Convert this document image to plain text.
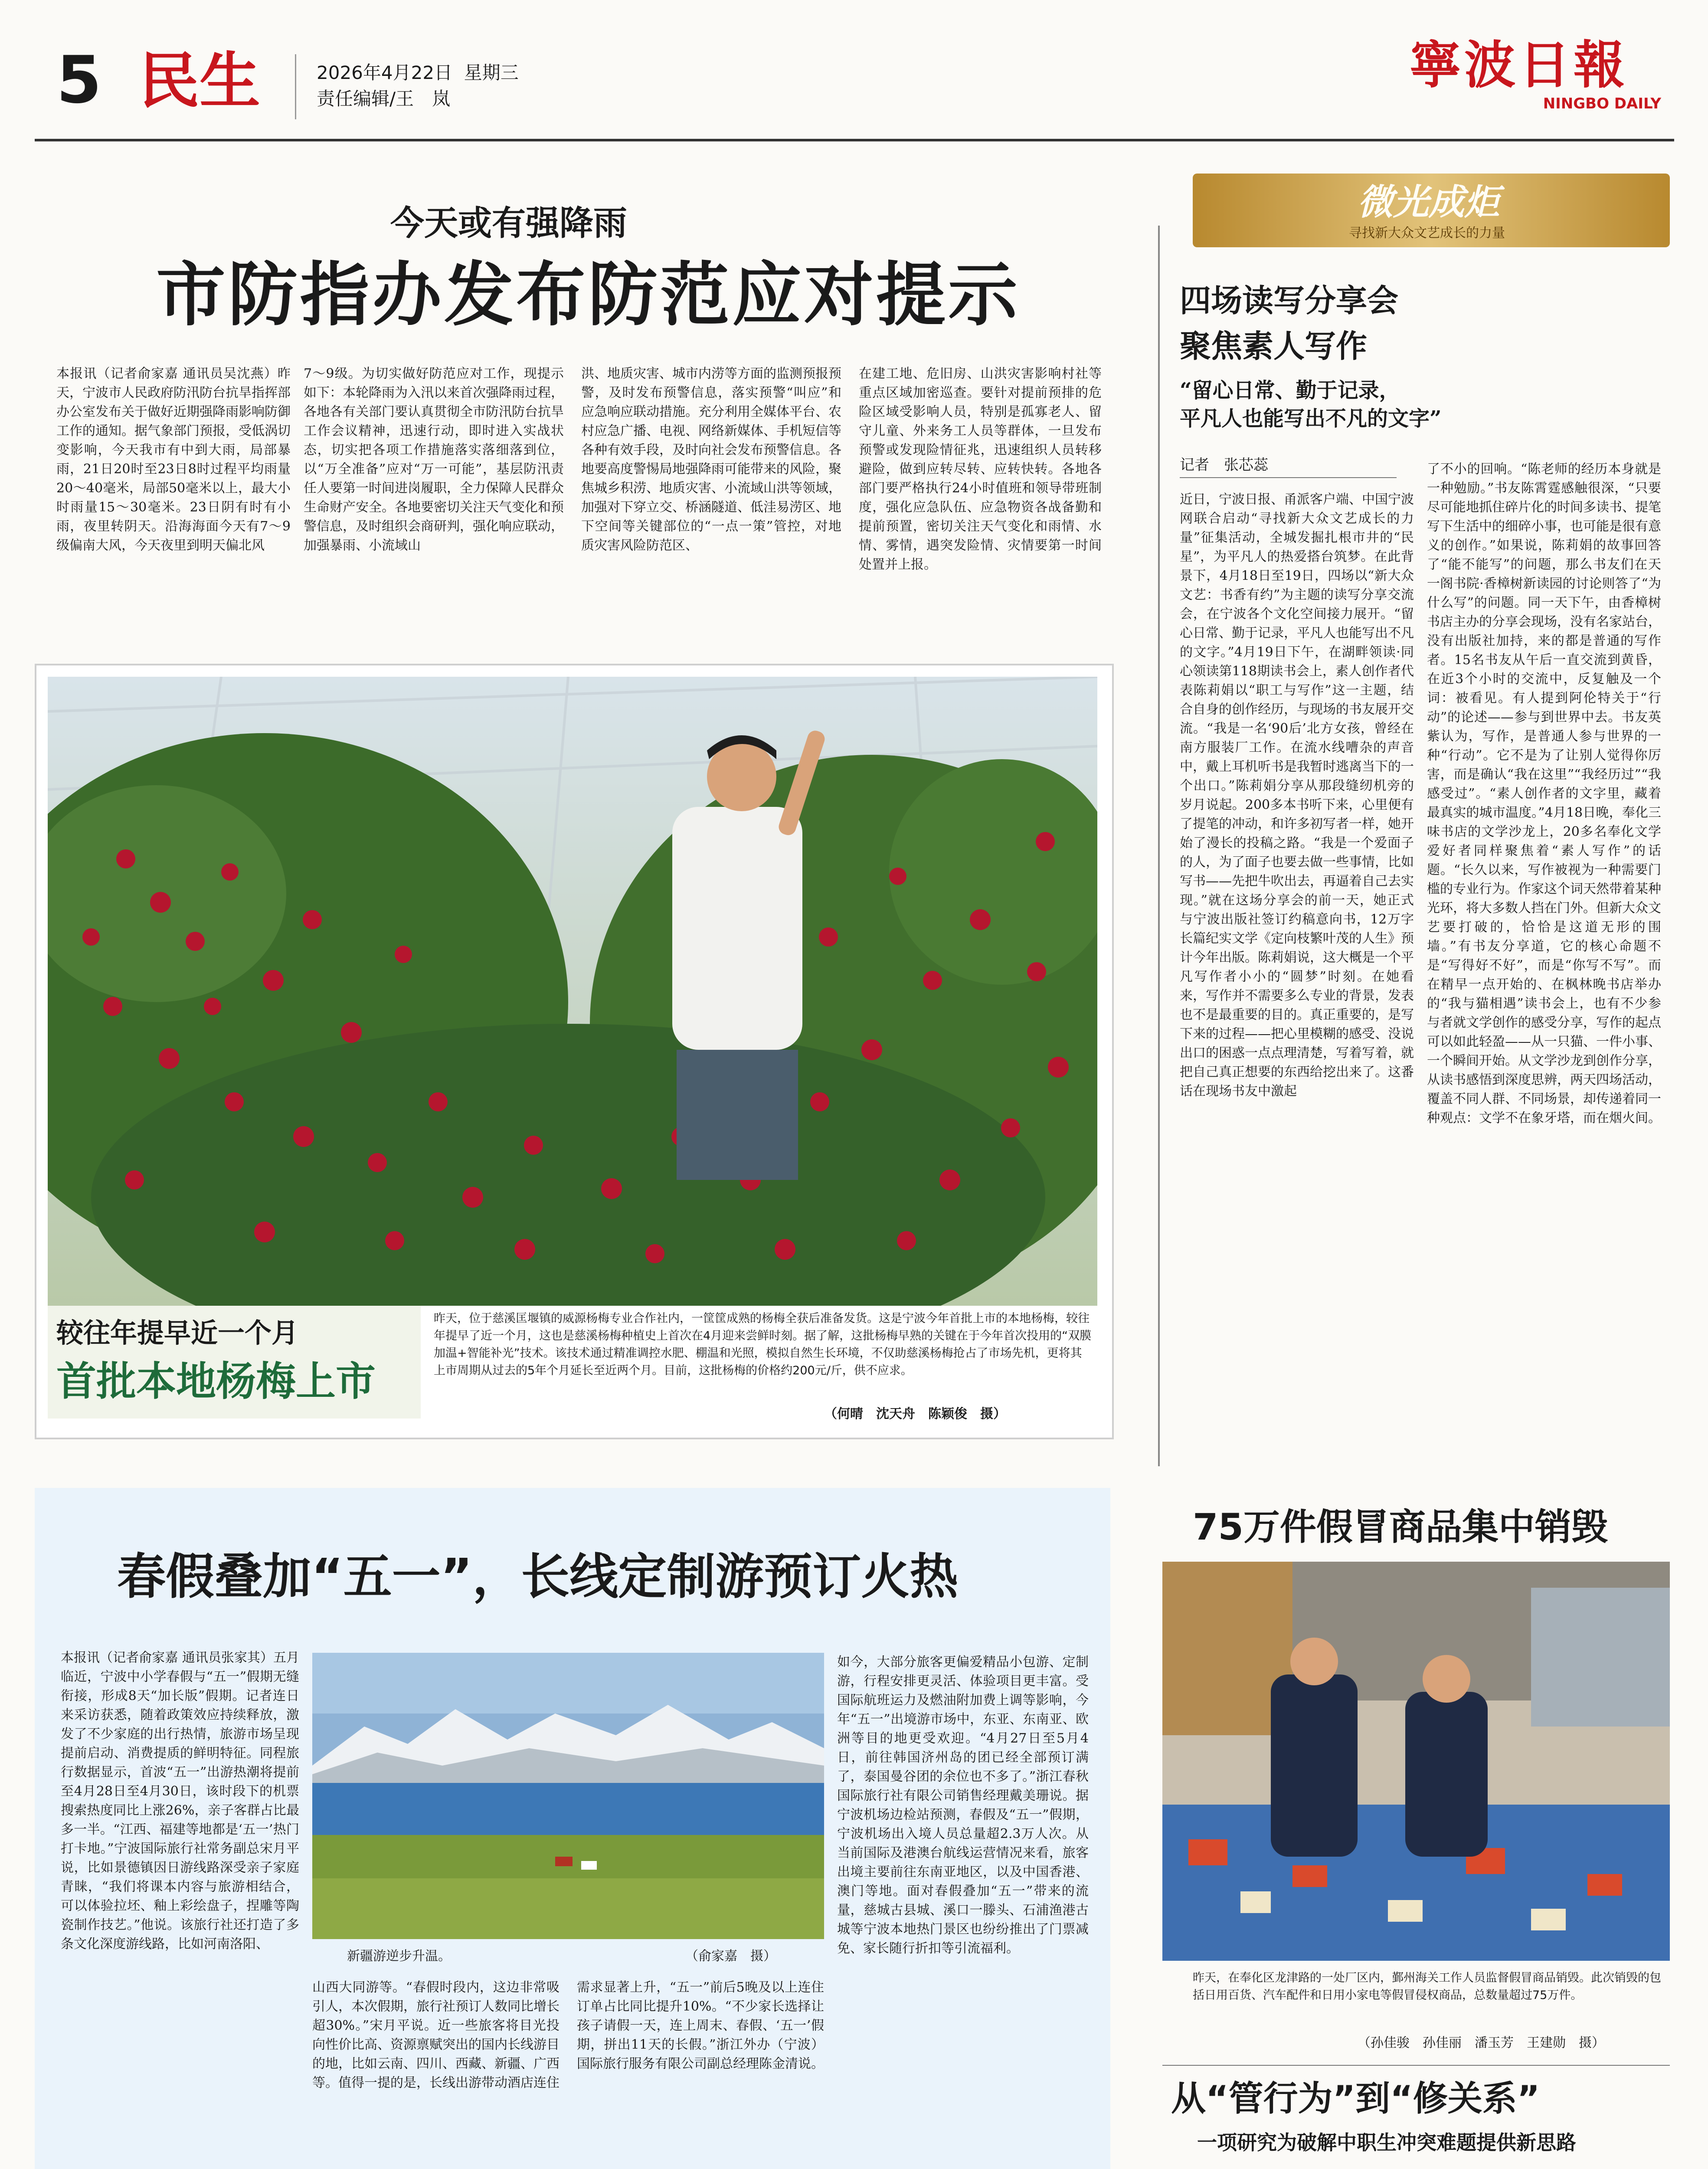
5 民生	2026年4月22日 星期三
责任编辑/王　岚
寧波日報
NINGBO DAILY
今天或有强降雨
市防指办发布防范应对提示
本报讯（记者俞家嘉 通讯员吴沈燕）昨天，宁波市人民政府防汛防台抗旱指挥部办公室发布关于做好近期强降雨影响防御工作的通知。据气象部门预报，受低涡切变影响，今天我市有中到大雨，局部暴雨，21日20时至23日8时过程平均雨量20～40毫米，局部50毫米以上，最大小时雨量15～30毫米。23日阴有时有小雨，夜里转阴天。沿海海面今天有7～9级偏南大风，今天夜里到明天偏北风
7～9级。为切实做好防范应对工作，现提示如下：本轮降雨为入汛以来首次强降雨过程，各地各有关部门要认真贯彻全市防汛防台抗旱工作会议精神，迅速行动，即时进入实战状态，切实把各项工作措施落实落细落到位，以“万全准备”应对“万一可能”，基层防汛责任人要第一时间进岗履职，全力保障人民群众生命财产安全。各地要密切关注天气变化和预警信息，及时组织会商研判，强化响应联动，加强暴雨、小流域山
洪、地质灾害、城市内涝等方面的监测预报预警，及时发布预警信息，落实预警“叫应”和应急响应联动措施。充分利用全媒体平台、农村应急广播、电视、网络新媒体、手机短信等各种有效手段，及时向社会发布预警信息。各地要高度警惕局地强降雨可能带来的风险，聚焦城乡积涝、地质灾害、小流域山洪等领域，加强对下穿立交、桥涵隧道、低洼易涝区、地下空间等关键部位的“一点一策”管控，对地质灾害风险防范区、
在建工地、危旧房、山洪灾害影响村社等重点区域加密巡查。要针对提前预排的危险区域受影响人员，特别是孤寡老人、留守儿童、外来务工人员等群体，一旦发布预警或发现险情征兆，迅速组织人员转移避险，做到应转尽转、应转快转。各地各部门要严格执行24小时值班和领导带班制度，强化应急队伍、应急物资各战备勤和提前预置，密切关注天气变化和雨情、水情、雾情，遇突发险情、灾情要第一时间处置并上报。
较往年提早近一个月
首批本地杨梅上市
昨天，位于慈溪匡堰镇的威源杨梅专业合作社内，一筐筐成熟的杨梅全获后准备发货。这是宁波今年首批上市的本地杨梅，较往年提早了近一个月，这也是慈溪杨梅种植史上首次在4月迎来尝鲜时刻。据了解，这批杨梅早熟的关键在于今年首次投用的“双膜加温+智能补光”技术。该技术通过精准调控水肥、棚温和光照，模拟自然生长环境，不仅助慈溪杨梅抢占了市场先机，更将其上市周期从过去的5年个月延长至近两个月。目前，这批杨梅的价格约200元/斤，供不应求。
（何晴　沈天舟　陈颖俊　摄）
微光成炬
寻找新大众文艺成长的力量
四场读写分享会
聚焦素人写作
“留心日常、勤于记录，
平凡人也能写出不凡的文字”
记者　张芯蕊
近日，宁波日报、甬派客户端、中国宁波网联合启动“寻找新大众文艺成长的力量”征集活动，全城发掘扎根市井的“民星”，为平凡人的热爱搭台筑梦。在此背景下，4月18日至19日，四场以“新大众文艺：书香有约”为主题的读写分享交流会，在宁波各个文化空间接力展开。“留心日常、勤于记录，平凡人也能写出不凡的文字。”4月19日下午，在湖畔领读·同心领读第118期读书会上，素人创作者代表陈莉娟以“职工与写作”这一主题，结合自身的创作经历，与现场的书友展开交流。“我是一名‘90后’北方女孩，曾经在南方服装厂工作。在流水线嘈杂的声音中，戴上耳机听书是我暂时逃离当下的一个出口。”陈莉娟分享从那段缝纫机旁的岁月说起。200多本书听下来，心里便有了提笔的冲动，和许多初写者一样，她开始了漫长的投稿之路。“我是一个爱面子的人，为了面子也要去做一些事情，比如写书——先把牛吹出去，再逼着自己去实现。”就在这场分享会的前一天，她正式与宁波出版社签订约稿意向书，12万字长篇纪实文学《定向枝繁叶茂的人生》预计今年出版。陈莉娟说，这大概是一个平凡写作者小小的“圆梦”时刻。在她看来，写作并不需要多么专业的背景，发表也不是最重要的目的。真正重要的，是写下来的过程——把心里模糊的感受、没说出口的困惑一点点理清楚，写着写着，就把自己真正想要的东西给挖出来了。这番话在现场书友中激起
了不小的回响。“陈老师的经历本身就是一种勉励。”书友陈霄霆感触很深，“只要尽可能地抓住碎片化的时间多读书、提笔写下生活中的细碎小事，也可能是很有意义的创作。”如果说，陈莉娟的故事回答了“能不能写”的问题，那么书友们在天一阁书院·香樟树新读园的讨论则答了“为什么写”的问题。同一天下午，由香樟树书店主办的分享会现场，没有名家站台，没有出版社加持，来的都是普通的写作者。15名书友从午后一直交流到黄昏，在近3个小时的交流中，反复触及一个词：被看见。有人提到阿伦特关于“行动”的论述——参与到世界中去。书友英紫认为，写作，是普通人参与世界的一种“行动”。它不是为了让别人觉得你厉害，而是确认“我在这里”“我经历过”“我感受过”。“素人创作者的文字里，藏着最真实的城市温度。”4月18日晚，奉化三味书店的文学沙龙上，20多名奉化文学爱好者同样聚焦着“素人写作”的话题。“长久以来，写作被视为一种需要门槛的专业行为。作家这个词天然带着某种光环，将大多数人挡在门外。但新大众文艺要打破的，恰恰是这道无形的围墙。”有书友分享道，它的核心命题不是“写得好不好”，而是“你写不写”。而在精早一点开始的、在枫林晚书店举办的“我与猫相遇”读书会上，也有不少参与者就文学创作的感受分享，写作的起点可以如此轻盈——从一只猫、一件小事、一个瞬间开始。从文学沙龙到创作分享，从读书感悟到深度思辨，两天四场活动，覆盖不同人群、不同场景，却传递着同一种观点：文学不在象牙塔，而在烟火间。
春假叠加“五一”，长线定制游预订火热
本报讯（记者俞家嘉 通讯员张家其）五月临近，宁波中小学春假与“五一”假期无缝衔接，形成8天“加长版”假期。记者连日来采访获悉，随着政策效应持续释放，激发了不少家庭的出行热情，旅游市场呈现提前启动、消费提质的鲜明特征。同程旅行数据显示，首波“五一”出游热潮将提前至4月28日至4月30日，该时段下的机票搜索热度同比上涨26%，亲子客群占比最多一半。“江西、福建等地都是‘五一’热门打卡地。”宁波国际旅行社常务副总宋月平说，比如景德镇因日游线路深受亲子家庭青睐，“我们将课本内容与旅游相结合，可以体验拉坯、釉上彩绘盘子，捏雕等陶瓷制作技艺。”他说。该旅行社还打造了多条文化深度游线路，比如河南洛阳、
新疆游逆步升温。	（俞家嘉　摄）
山西大同游等。“春假时段内，这边非常吸引人，本次假期，旅行社预订人数同比增长超30%。”宋月平说。近一些旅客将目光投向性价比高、资源禀赋突出的国内长线游目的地，比如云南、四川、西藏、新疆、广西等。值得一提的是，长线出游带动酒店连住需求显著上升，“五一”前后5晚及以上连住订单占比同比提升10%。“不少家长选择让孩子请假一天，连上周末、春假、‘五一’假期，拼出11天的长假。”浙江外办（宁波）国际旅行服务有限公司副总经理陈金清说。
如今，大部分旅客更偏爱精品小包游、定制游，行程安排更灵活、体验项目更丰富。受国际航班运力及燃油附加费上调等影响，今年“五一”出境游市场中，东亚、东南亚、欧洲等目的地更受欢迎。“4月27日至5月4日，前往韩国济州岛的团已经全部预订满了，泰国曼谷团的余位也不多了。”浙江春秋国际旅行社有限公司销售经理戴美珊说。据宁波机场边检站预测，春假及“五一”假期，宁波机场出入境人员总量超2.3万人次。从当前国际及港澳台航线运营情况来看，旅客出境主要前往东南亚地区，以及中国香港、澳门等地。面对春假叠加“五一”带来的流量，慈城古县城、溪口一滕头、石浦渔港古城等宁波本地热门景区也纷纷推出了门票减免、家长随行折扣等引流福利。
75万件假冒商品集中销毁
昨天，在奉化区龙津路的一处厂区内，鄞州海关工作人员监督假冒商品销毁。此次销毁的包括日用百货、汽车配件和日用小家电等假冒侵权商品，总数量超过75万件。
（孙佳骏　孙佳丽　潘玉芳　王建勋　摄）
从“管行为”到“修关系”
一项研究为破解中职生冲突难题提供新思路
